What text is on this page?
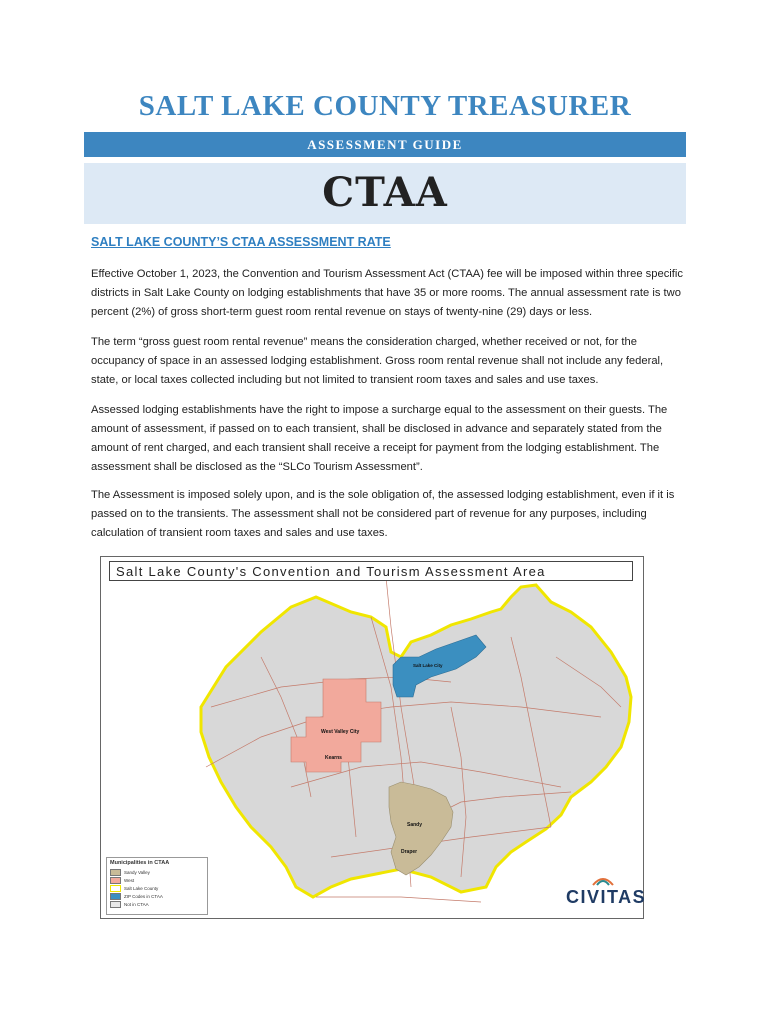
SALT LAKE COUNTY TREASURER
ASSESSMENT GUIDE
CTAA
SALT LAKE COUNTY’S CTAA ASSESSMENT RATE
Effective October 1, 2023, the Convention and Tourism Assessment Act (CTAA) fee will be imposed within three specific districts in Salt Lake County on lodging establishments that have 35 or more rooms. The annual assessment rate is two percent (2%) of gross short-term guest room rental revenue on stays of twenty-nine (29) days or less.
The term “gross guest room rental revenue” means the consideration charged, whether received or not, for the occupancy of space in an assessed lodging establishment. Gross room rental revenue shall not include any federal, state, or local taxes collected including but not limited to transient room taxes and sales and use taxes.
Assessed lodging establishments have the right to impose a surcharge equal to the assessment on their guests. The amount of assessment, if passed on to each transient, shall be disclosed in advance and separately stated from the amount of rent charged, and each transient shall receive a receipt for payment from the lodging establishment. The assessment shall be disclosed as the “SLCo Tourism Assessment”.
The Assessment is imposed solely upon, and is the sole obligation of, the assessed lodging establishment, even if it is passed on to the transients. The assessment shall not be considered part of revenue for any purposes, including calculation of transient room taxes and sales and use taxes.
Salt Lake County's Convention and Tourism Assessment Area
Salt Lake City
West Valley City
Kearns
Sandy
Draper
Municipalities in CTAA
Sandy Valley
West
Salt Lake County
ZIP Codes in CTAA
Not in CTAA	CIVITAS
